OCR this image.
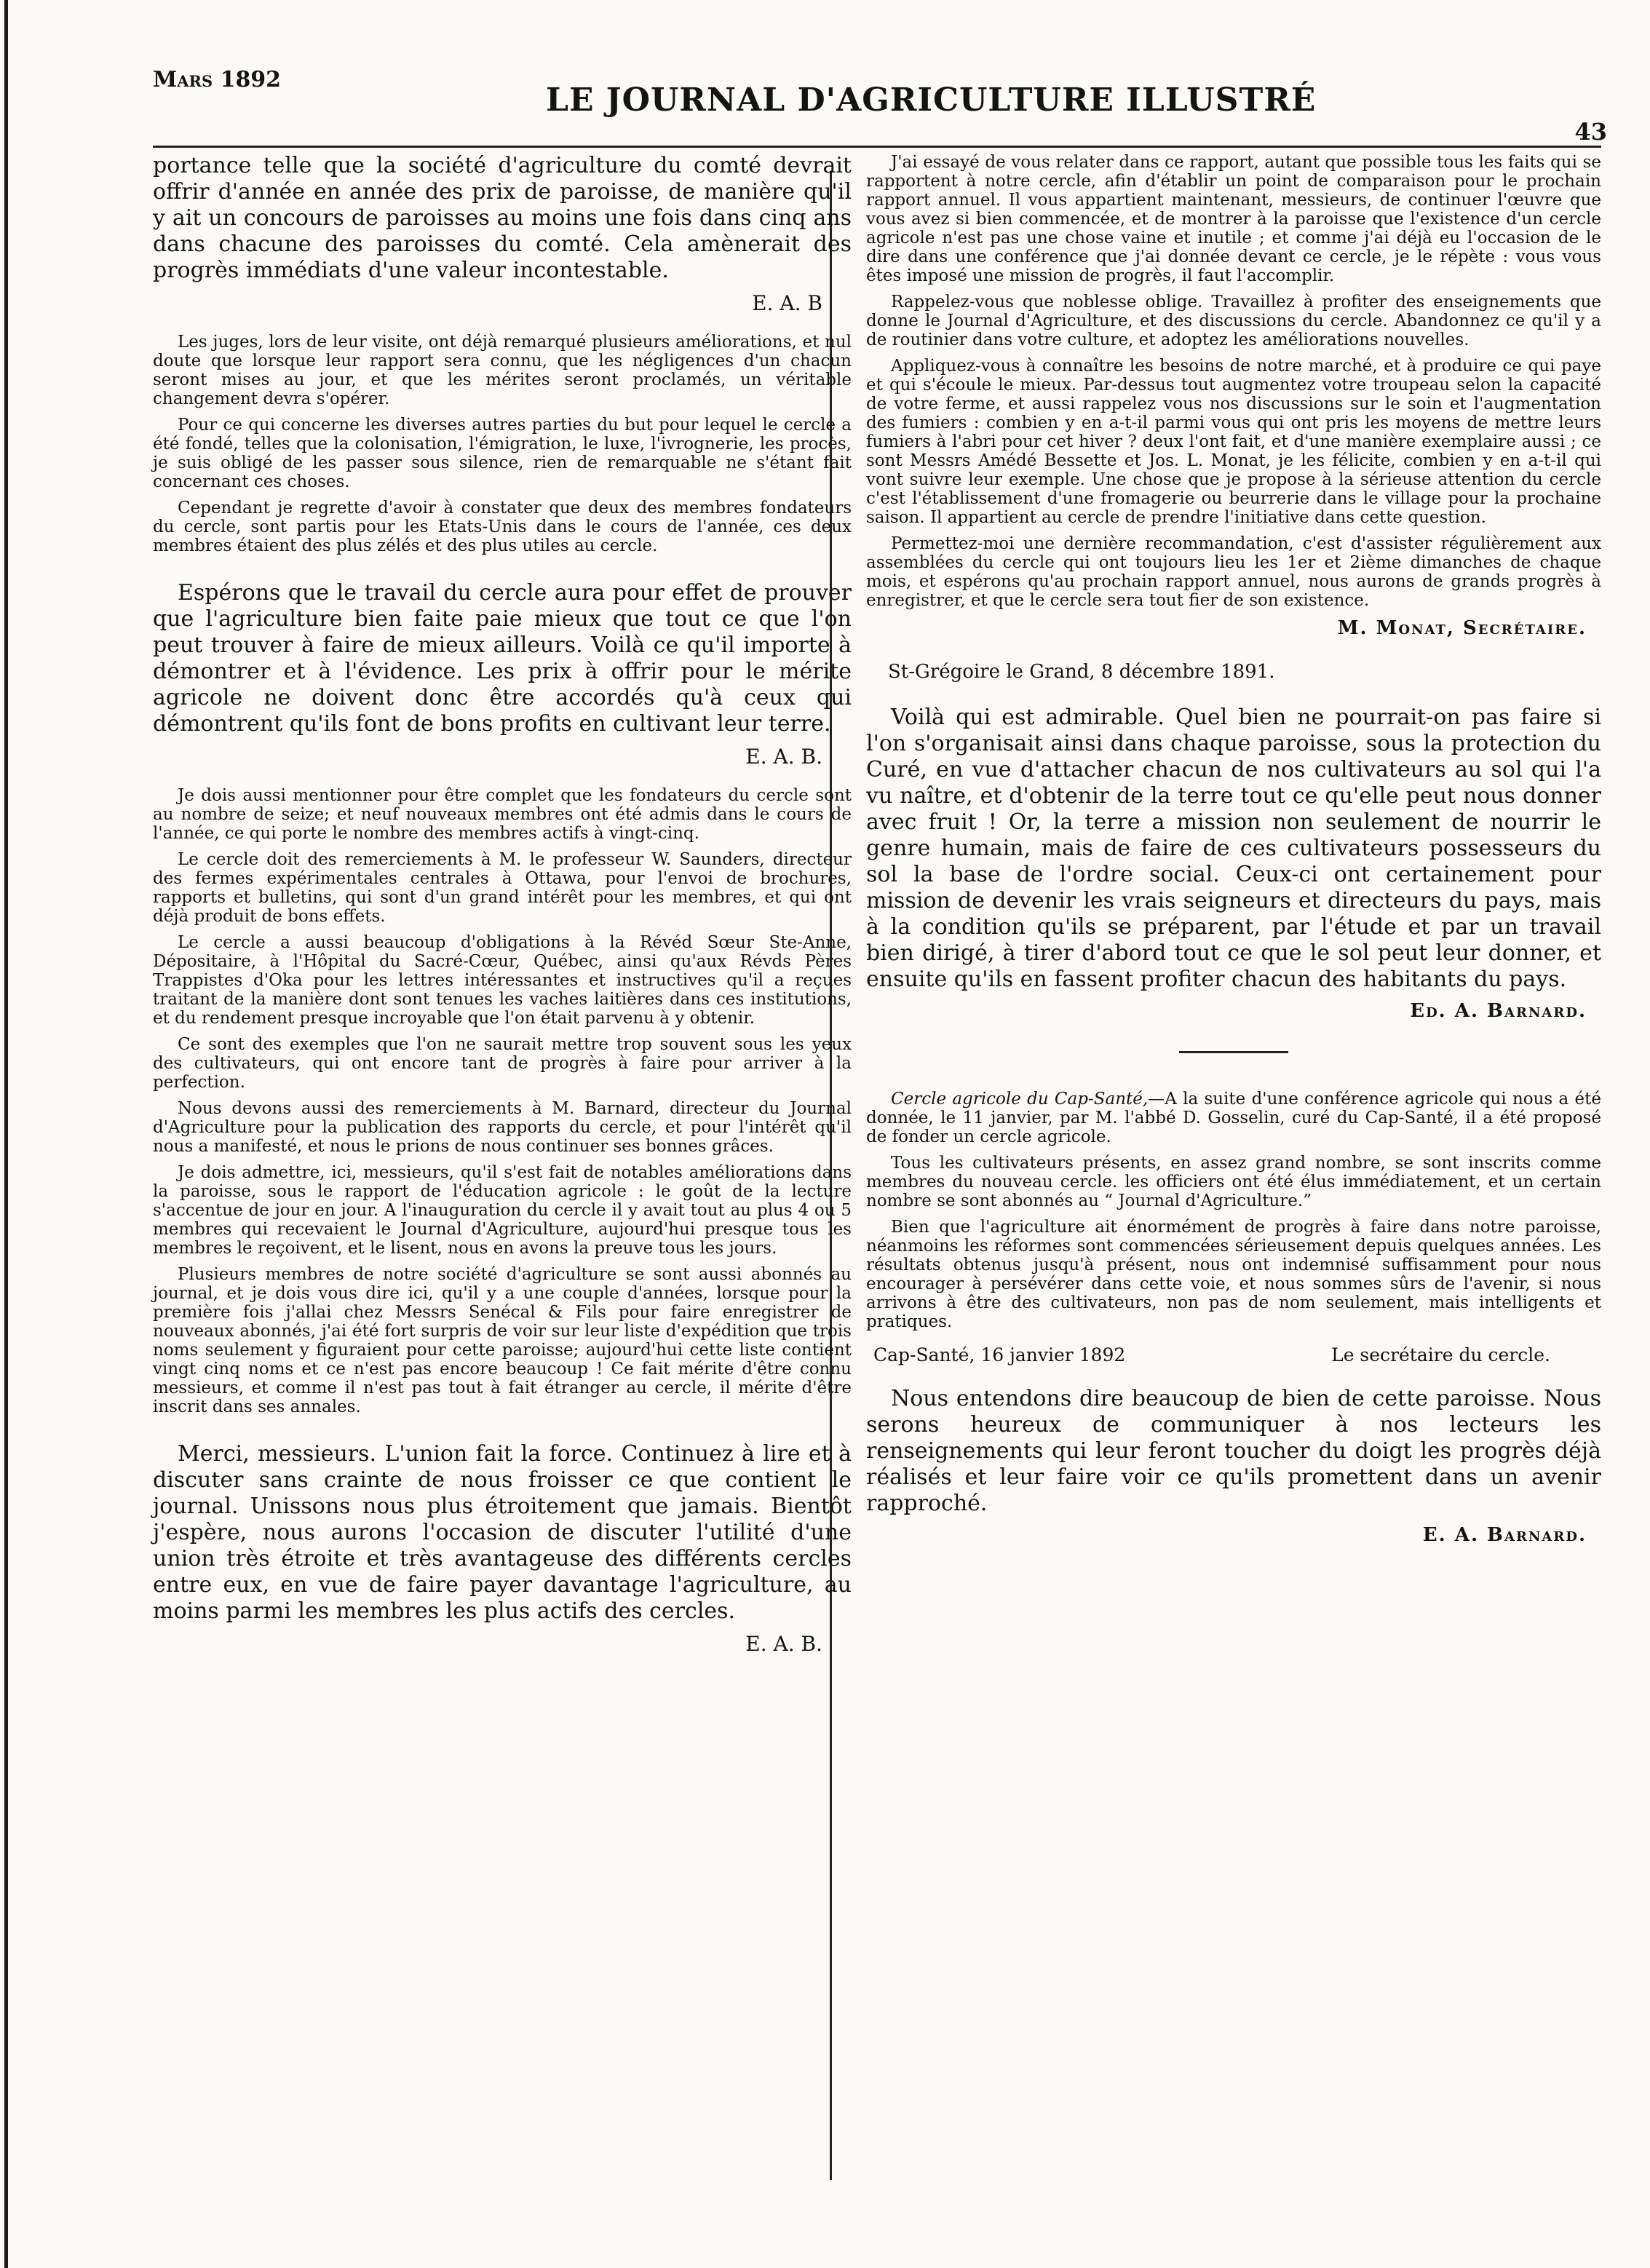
Mars 1892
LE JOURNAL D'AGRICULTURE ILLUSTRÉ
43

portance telle que la société d'agriculture du comté devrait offrir d'année en année des prix de paroisse, de manière qu'il y ait un concours de paroisses au moins une fois dans cinq ans dans chacune des paroisses du comté. Cela amènerait des progrès immédiats d'une valeur incontestable.

E. A. B

Les juges, lors de leur visite, ont déjà remarqué plusieurs améliorations, et nul doute que lorsque leur rapport sera connu, que les négligences d'un chacun seront mises au jour, et que les mérites seront proclamés, un véritable changement devra s'opérer.

Pour ce qui concerne les diverses autres parties du but pour lequel le cercle a été fondé, telles que la colonisation, l'émigration, le luxe, l'ivrognerie, les procès, je suis obligé de les passer sous silence, rien de remarquable ne s'étant fait concernant ces choses.

Cependant je regrette d'avoir à constater que deux des membres fondateurs du cercle, sont partis pour les Etats-Unis dans le cours de l'année, ces deux membres étaient des plus zélés et des plus utiles au cercle.

Espérons que le travail du cercle aura pour effet de prouver que l'agriculture bien faite paie mieux que tout ce que l'on peut trouver à faire de mieux ailleurs. Voilà ce qu'il importe à démontrer et à l'évidence. Les prix à offrir pour le mérite agricole ne doivent donc être accordés qu'à ceux qui démontrent qu'ils font de bons profits en cultivant leur terre.

E. A. B.

Je dois aussi mentionner pour être complet que les fondateurs du cercle sont au nombre de seize; et neuf nouveaux membres ont été admis dans le cours de l'année, ce qui porte le nombre des membres actifs à vingt-cinq.

Le cercle doit des remerciements à M. le professeur W. Saunders, directeur des fermes expérimentales centrales à Ottawa, pour l'envoi de brochures, rapports et bulletins, qui sont d'un grand intérêt pour les membres, et qui ont déjà produit de bons effets.

Le cercle a aussi beaucoup d'obligations à la Révéd Sœur Ste-Anne, Dépositaire, à l'Hôpital du Sacré-Cœur, Québec, ainsi qu'aux Révds Pères Trappistes d'Oka pour les lettres intéressantes et instructives qu'il a reçues traitant de la manière dont sont tenues les vaches laitières dans ces institutions, et du rendement presque incroyable que l'on était parvenu à y obtenir.

Ce sont des exemples que l'on ne saurait mettre trop souvent sous les yeux des cultivateurs, qui ont encore tant de progrès à faire pour arriver à la perfection.

Nous devons aussi des remerciements à M. Barnard, directeur du Journal d'Agriculture pour la publication des rapports du cercle, et pour l'intérêt qu'il nous a manifesté, et nous le prions de nous continuer ses bonnes grâces.

Je dois admettre, ici, messieurs, qu'il s'est fait de notables améliorations dans la paroisse, sous le rapport de l'éducation agricole : le goût de la lecture s'accentue de jour en jour. A l'inauguration du cercle il y avait tout au plus 4 ou 5 membres qui recevaient le Journal d'Agriculture, aujourd'hui presque tous les membres le reçoivent, et le lisent, nous en avons la preuve tous les jours.

Plusieurs membres de notre société d'agriculture se sont aussi abonnés au journal, et je dois vous dire ici, qu'il y a une couple d'années, lorsque pour la première fois j'allai chez Messrs Senécal & Fils pour faire enregistrer de nouveaux abonnés, j'ai été fort surpris de voir sur leur liste d'expédition que trois noms seulement y figuraient pour cette paroisse; aujourd'hui cette liste contient vingt cinq noms et ce n'est pas encore beaucoup ! Ce fait mérite d'être connu messieurs, et comme il n'est pas tout à fait étranger au cercle, il mérite d'être inscrit dans ses annales.

Merci, messieurs. L'union fait la force. Continuez à lire et à discuter sans crainte de nous froisser ce que contient le journal. Unissons nous plus étroitement que jamais. Bientôt j'espère, nous aurons l'occasion de discuter l'utilité d'une union très étroite et très avantageuse des différents cercles entre eux, en vue de faire payer davantage l'agriculture, au moins parmi les membres les plus actifs des cercles.

E. A. B.

J'ai essayé de vous relater dans ce rapport, autant que possible tous les faits qui se rapportent à notre cercle, afin d'établir un point de comparaison pour le prochain rapport annuel. Il vous appartient maintenant, messieurs, de continuer l'œuvre que vous avez si bien commencée, et de montrer à la paroisse que l'existence d'un cercle agricole n'est pas une chose vaine et inutile ; et comme j'ai déjà eu l'occasion de le dire dans une conférence que j'ai donnée devant ce cercle, je le répète : vous vous êtes imposé une mission de progrès, il faut l'accomplir.

Rappelez-vous que noblesse oblige. Travaillez à profiter des enseignements que donne le Journal d'Agriculture, et des discussions du cercle. Abandonnez ce qu'il y a de routinier dans votre culture, et adoptez les améliorations nouvelles.

Appliquez-vous à connaître les besoins de notre marché, et à produire ce qui paye et qui s'écoule le mieux. Par-dessus tout augmentez votre troupeau selon la capacité de votre ferme, et aussi rappelez vous nos discussions sur le soin et l'augmentation des fumiers : combien y en a-t-il parmi vous qui ont pris les moyens de mettre leurs fumiers à l'abri pour cet hiver ? deux l'ont fait, et d'une manière exemplaire aussi ; ce sont Messrs Amédé Bessette et Jos. L. Monat, je les félicite, combien y en a-t-il qui vont suivre leur exemple. Une chose que je propose à la sérieuse attention du cercle c'est l'établissement d'une fromagerie ou beurrerie dans le village pour la prochaine saison. Il appartient au cercle de prendre l'initiative dans cette question.

Permettez-moi une dernière recommandation, c'est d'assister régulièrement aux assemblées du cercle qui ont toujours lieu les 1er et 2ième dimanches de chaque mois, et espérons qu'au prochain rapport annuel, nous aurons de grands progrès à enregistrer, et que le cercle sera tout fier de son existence.

M. Monat, Secrétaire.
St-Grégoire le Grand, 8 décembre 1891.

Voilà qui est admirable. Quel bien ne pourrait-on pas faire si l'on s'organisait ainsi dans chaque paroisse, sous la protection du Curé, en vue d'attacher chacun de nos cultivateurs au sol qui l'a vu naître, et d'obtenir de la terre tout ce qu'elle peut nous donner avec fruit ! Or, la terre a mission non seulement de nourrir le genre humain, mais de faire de ces cultivateurs possesseurs du sol la base de l'ordre social. Ceux-ci ont certainement pour mission de devenir les vrais seigneurs et directeurs du pays, mais à la condition qu'ils se préparent, par l'étude et par un travail bien dirigé, à tirer d'abord tout ce que le sol peut leur donner, et ensuite qu'ils en fassent profiter chacun des habitants du pays.

Ed. A. Barnard.

Cercle agricole du Cap-Santé,—A la suite d'une conférence agricole qui nous a été donnée, le 11 janvier, par M. l'abbé D. Gosselin, curé du Cap-Santé, il a été proposé de fonder un cercle agricole.

Tous les cultivateurs présents, en assez grand nombre, se sont inscrits comme membres du nouveau cercle. les officiers ont été élus immédiatement, et un certain nombre se sont abonnés au “ Journal d'Agriculture.”

Bien que l'agriculture ait énormément de progrès à faire dans notre paroisse, néanmoins les réformes sont commencées sérieusement depuis quelques années. Les résultats obtenus jusqu'à présent, nous ont indemnisé suffisamment pour nous encourager à persévérer dans cette voie, et nous sommes sûrs de l'avenir, si nous arrivons à être des cultivateurs, non pas de nom seulement, mais intelligents et pratiques.

Cap-Santé, 16 janvier 1892	Le secrétaire du cercle.

Nous entendons dire beaucoup de bien de cette paroisse. Nous serons heureux de communiquer à nos lecteurs les renseignements qui leur feront toucher du doigt les progrès déjà réalisés et leur faire voir ce qu'ils promettent dans un avenir rapproché.

E. A. Barnard.
